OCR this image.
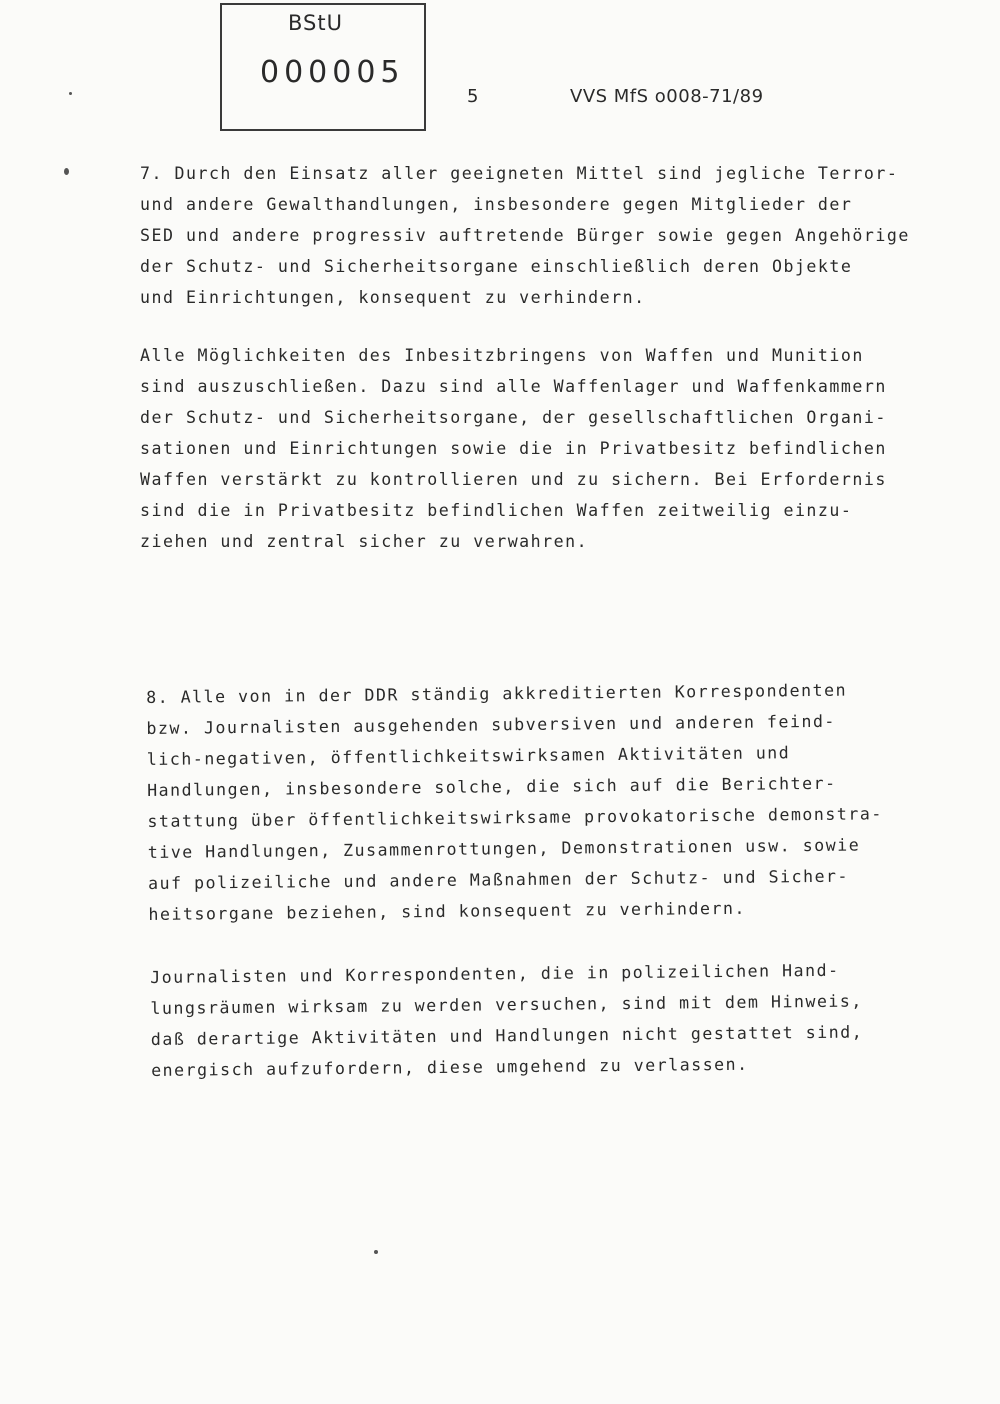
BStU
000005
5	VVS MfS o008-71/89
7. Durch den Einsatz aller geeigneten Mittel sind jegliche Terror-
und andere Gewalthandlungen, insbesondere gegen Mitglieder der
SED und andere progressiv auftretende Bürger sowie gegen Angehörige
der Schutz- und Sicherheitsorgane einschließlich deren Objekte
und Einrichtungen, konsequent zu verhindern.
Alle Möglichkeiten des Inbesitzbringens von Waffen und Munition
sind auszuschließen. Dazu sind alle Waffenlager und Waffenkammern
der Schutz- und Sicherheitsorgane, der gesellschaftlichen Organi-
sationen und Einrichtungen sowie die in Privatbesitz befindlichen
Waffen verstärkt zu kontrollieren und zu sichern. Bei Erfordernis
sind die in Privatbesitz befindlichen Waffen zeitweilig einzu-
ziehen und zentral sicher zu verwahren.
8. Alle von in der DDR ständig akkreditierten Korrespondenten
bzw. Journalisten ausgehenden subversiven und anderen feind-
lich-negativen, öffentlichkeitswirksamen Aktivitäten und
Handlungen, insbesondere solche, die sich auf die Berichter-
stattung über öffentlichkeitswirksame provokatorische demonstra-
tive Handlungen, Zusammenrottungen, Demonstrationen usw. sowie
auf polizeiliche und andere Maßnahmen der Schutz- und Sicher-
heitsorgane beziehen, sind konsequent zu verhindern.
Journalisten und Korrespondenten, die in polizeilichen Hand-
lungsräumen wirksam zu werden versuchen, sind mit dem Hinweis,
daß derartige Aktivitäten und Handlungen nicht gestattet sind,
energisch aufzufordern, diese umgehend zu verlassen.
